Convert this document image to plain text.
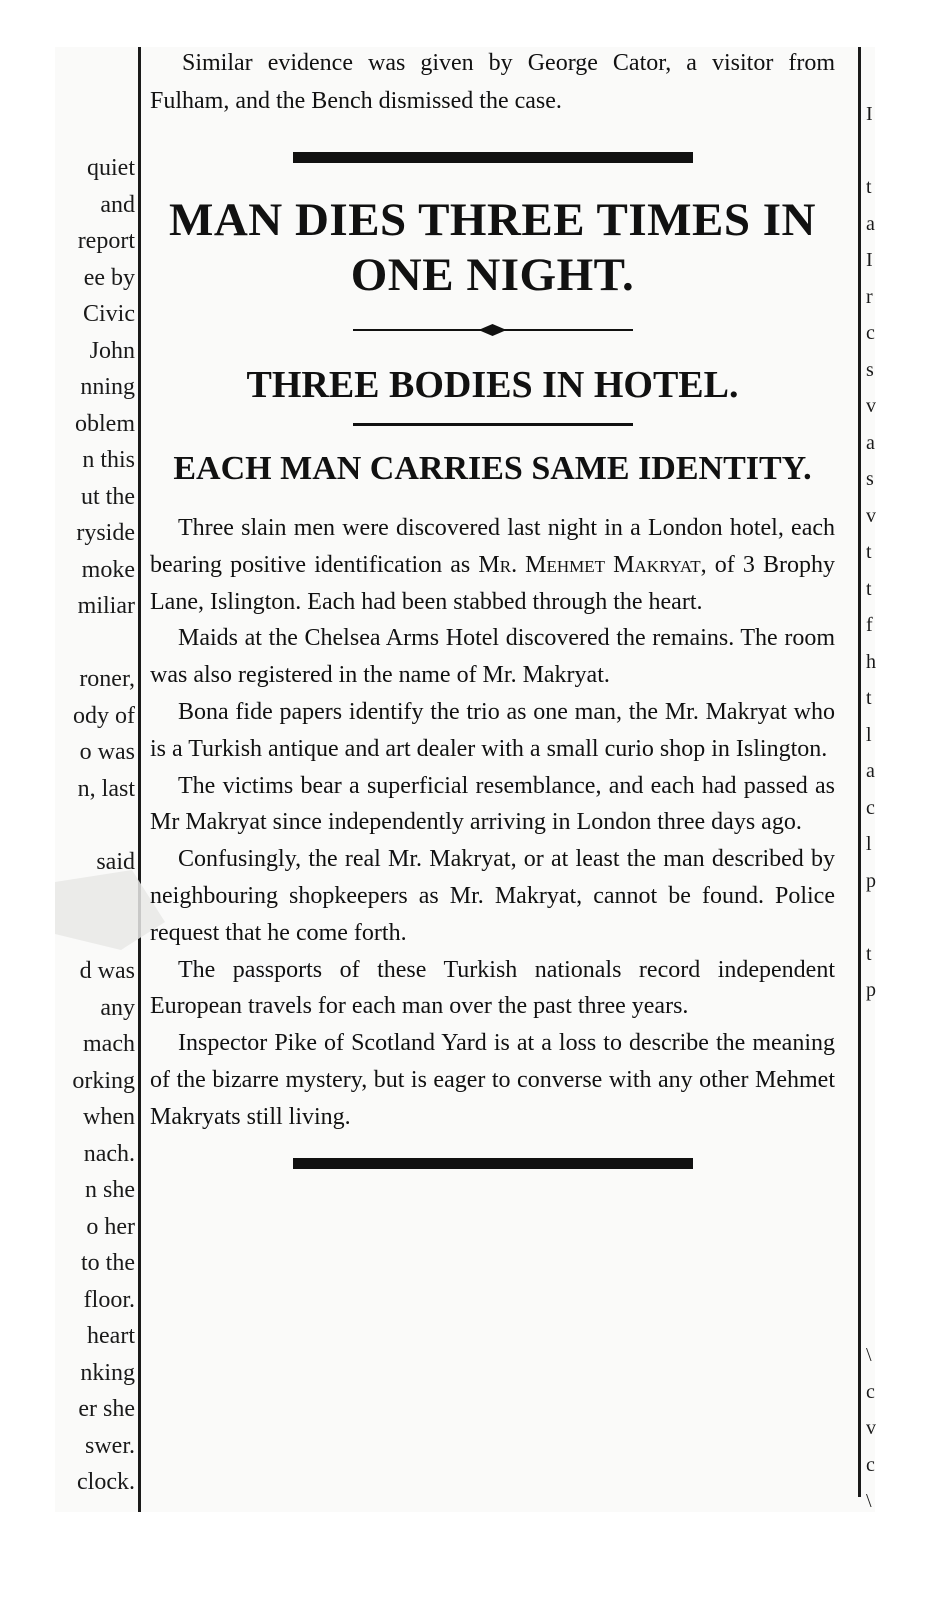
quiet
and
report
ee by
Civic
John
nning
oblem
n this
ut the
ryside
moke
miliar

roner,
ody of
o was
n, last

said

d was
any
mach
orking
when
nach.
n she
o her
to the
floor.
heart
nking
er she
swer.
clock.
I
t
a
I
r
c
s
v
a
s
v
t
t
f
h
t
l
a
c
l
p
t
p
\
c
v
c
\

Similar evidence was given by George Cator, a visitor from Fulham, and the Bench dismissed the case.

MAN DIES THREE TIMES IN ONE NIGHT.
THREE BODIES IN HOTEL.
EACH MAN CARRIES SAME IDENTITY.

Three slain men were discovered last night in a London hotel, each bearing positive identification as Mr. Mehmet Makryat, of 3 Brophy Lane, Islington. Each had been stabbed through the heart.

Maids at the Chelsea Arms Hotel discovered the remains. The room was also registered in the name of Mr. Makryat.

Bona fide papers identify the trio as one man, the Mr. Makryat who is a Turkish antique and art dealer with a small curio shop in Islington.

The victims bear a superficial resemblance, and each had passed as Mr Makryat since independently arriving in London three days ago.

Confusingly, the real Mr. Makryat, or at least the man described by neighbouring shopkeepers as Mr. Makryat, cannot be found. Police request that he come forth.

The passports of these Turkish nationals record independent European travels for each man over the past three years.

Inspector Pike of Scotland Yard is at a loss to describe the meaning of the bizarre mystery, but is eager to converse with any other Mehmet Makryats still living.
